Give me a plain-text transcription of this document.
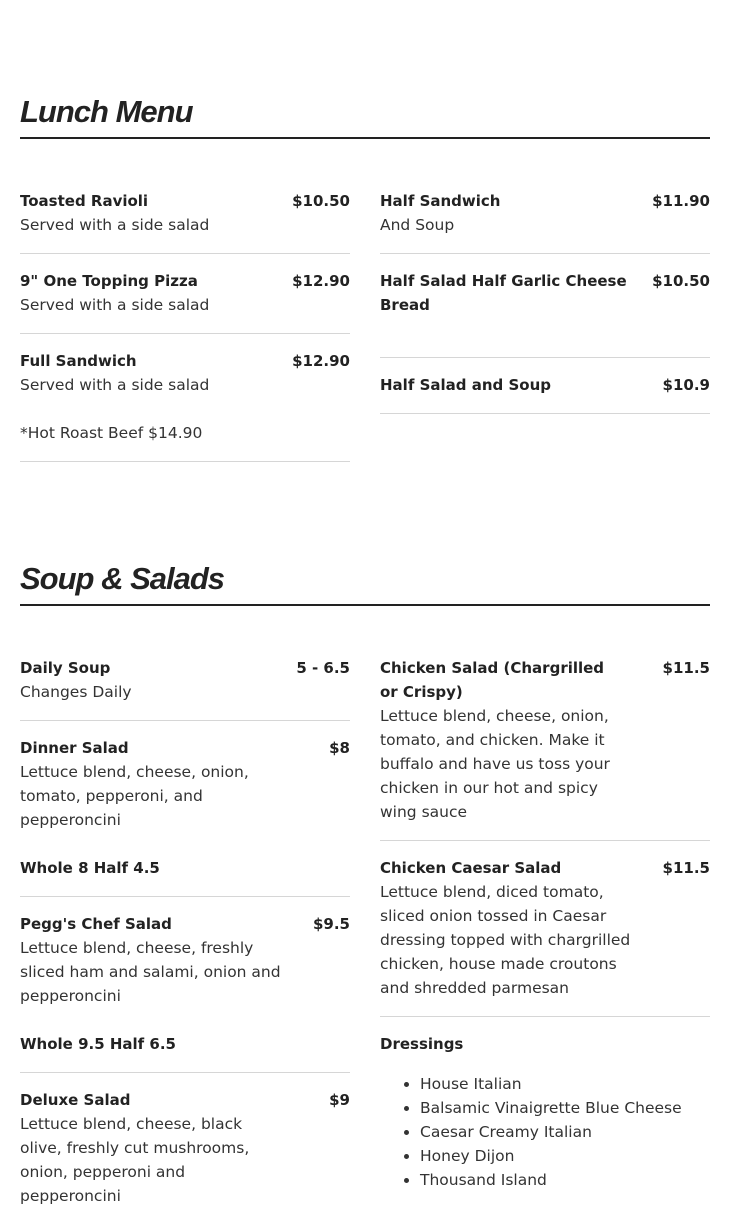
Lunch Menu
Toasted Ravioli	$10.50
Served with a side salad
9" One Topping Pizza	$12.90
Served with a side salad
Full Sandwich	$12.90
Served with a side salad
*Hot Roast Beef $14.90
Half Sandwich	$11.90
And Soup
Half Salad Half Garlic Cheese Bread
$10.50
Half Salad and Soup	$10.9
Soup & Salads
Daily Soup	5 - 6.5
Changes Daily
Dinner Salad	$8
Lettuce blend, cheese, onion, tomato, pepperoni, and pepperoncini
Whole 8 Half 4.5
Pegg's Chef Salad	$9.5
Lettuce blend, cheese, freshly sliced ham and salami, onion and pepperoncini
Whole 9.5 Half 6.5
Deluxe Salad	$9
Lettuce blend, cheese, black olive, freshly cut mushrooms, onion, pepperoni and pepperoncini
Chicken Salad (Chargrilled or Crispy)
$11.5
Lettuce blend, cheese, onion, tomato, and chicken. Make it buffalo and have us toss your chicken in our hot and spicy wing sauce
Chicken Caesar Salad	$11.5
Lettuce blend, diced tomato, sliced onion tossed in Caesar dressing topped with chargrilled chicken, house made croutons and shredded parmesan
Dressings
• House Italian
• Balsamic Vinaigrette Blue Cheese
• Caesar Creamy Italian
• Honey Dijon
• Thousand Island
